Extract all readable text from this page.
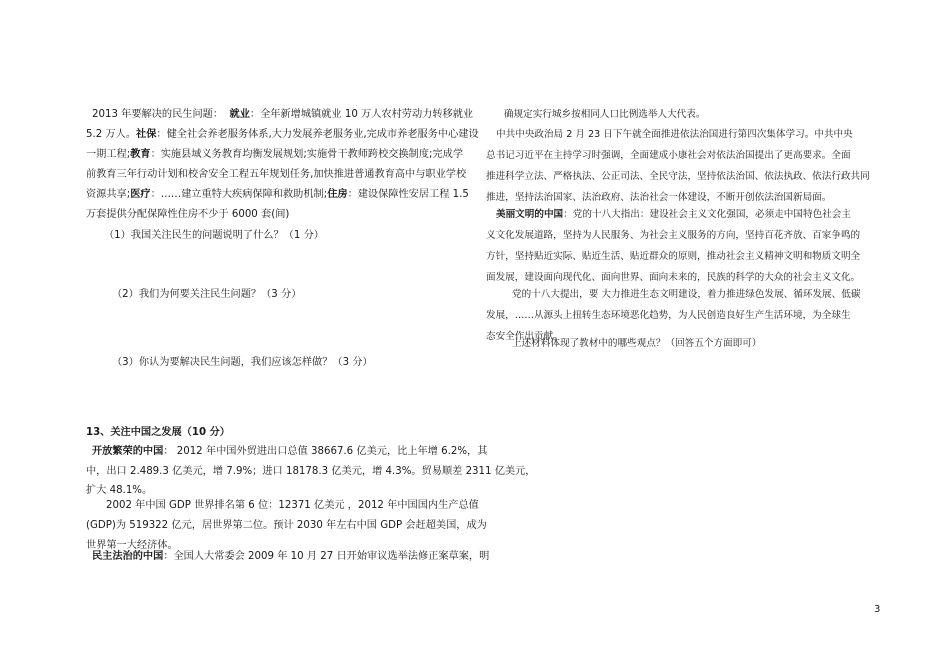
2013 年要解决的民生问题： 就业：全年新增城镇就业 10 万人农村劳动力转移就业

5.2 万人。社保：健全社会养老服务体系,大力发展养老服务业,完成市养老服务中心建设

一期工程;教育：实施县域义务教育均衡发展规划;实施骨干教师跨校交换制度;完成学

前教育三年行动计划和校舍安全工程五年规划任务,加快推进普通教育高中与职业学校

资源共享;医疗：……建立重特大疾病保障和救助机制;住房：建设保障性安居工程 1.5

万套提供分配保障性住房不少于 6000 套(间)

（1）我国关注民生的问题说明了什么？（1 分）

（2）我们为何要关注民生问题？（3 分）

（3）你认为要解决民生问题，我们应该怎样做？（3 分）

13、关注中国之发展（10 分）

开放繁荣的中国： 2012 年中国外贸进出口总值 38667.6 亿美元，比上年增 6.2%，其

中，出口 2.489.3 亿美元，增 7.9%；进口 18178.3 亿美元，增 4.3%。贸易顺差 2311 亿美元，

扩大 48.1%。

2002 年中国 GDP 世界排名第 6 位：12371 亿美元 ，2012 年中国国内生产总值

(GDP)为 519322 亿元，居世界第二位。预计 2030 年左右中国 GDP 会赶超美国，成为

世界第一大经济体。

民主法治的中国：全国人大常委会 2009 年 10 月 27 日开始审议选举法修正案草案，明

确规定实行城乡按相同人口比例选举人大代表。

中共中央政治局 2 月 23 日下午就全面推进依法治国进行第四次集体学习。中共中央

总书记习近平在主持学习时强调，全面建成小康社会对依法治国提出了更高要求。全面

推进科学立法、严格执法、公正司法、全民守法，坚持依法治国、依法执政、依法行政共同

推进，坚持法治国家、法治政府、法治社会一体建设，不断开创依法治国新局面。

美丽文明的中国：党的十八大指出：建设社会主义文化强国，必须走中国特色社会主

义文化发展道路，坚持为人民服务、为社会主义服务的方向，坚持百花齐放、百家争鸣的

方针，坚持贴近实际、贴近生活、贴近群众的原则，推动社会主义精神文明和物质文明全

面发展，建设面向现代化、面向世界、面向未来的，民族的科学的大众的社会主义文化。

党的十八大提出，要 大力推进生态文明建设，着力推进绿色发展、循环发展、低碳

发展，……从源头上扭转生态环境恶化趋势，为人民创造良好生产生活环境，为全球生

态安全作出贡献。

上述材料体现了教材中的哪些观点？（回答五个方面即可）

3
